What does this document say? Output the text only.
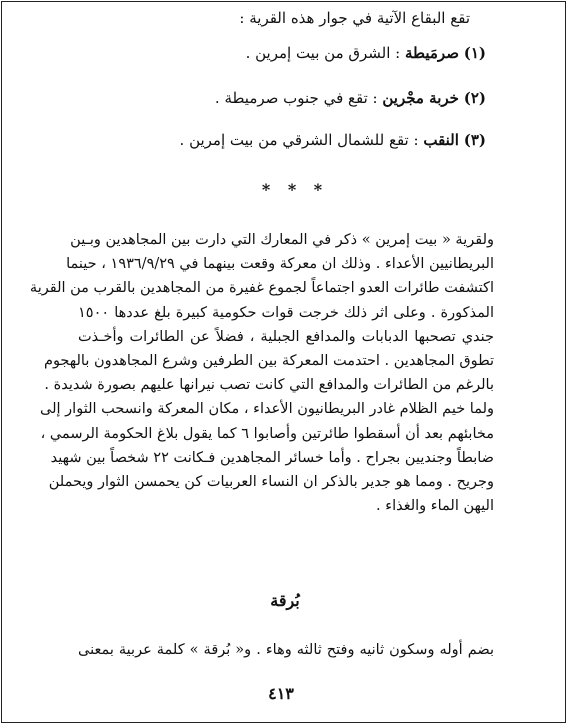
تقع البقاع الآتية في جوار هذه القرية :
(١) صرمَيطة : الشرق من بيت إمرين .
(٢) خربة مجْرين : تقع في جنوب صرميطة .
(٣) النقب : تقع للشمال الشرقي من بيت إمرين .
* * *
ولقرية « بيت إمرين » ذكر في المعارك التي دارت بين المجاهدين وبـين
البريطانيين الأعداء . وذلك ان معركة وقعت بينهما في ١٩٣٦/٩/٢٩ ، حينما
اكتشفت طائرات العدو اجتماعاً لجموع غفيرة من المجاهدين بالقرب من القرية
المذكورة . وعلى اثر ذلك خرجت قوات حكومية كبيرة بلغ عددها ١٥٠٠
جندي تصحبها الدبابات والمدافع الجبلية ، فضلاً عن الطائرات وأخـذت
تطوق المجاهدين . احتدمت المعركة بين الطرفين وشرع المجاهدون بالهجوم
بالرغم من الطائرات والمدافع التي كانت تصب نيرانها عليهم بصورة شديدة .
ولما خيم الظلام غادر البريطانيون الأعداء ، مكان المعركة وانسحب الثوار إلى
مخابئهم بعد أن أسقطوا طائرتين وأصابوا ٦ كما يقول بلاغ الحكومة الرسمي ،
ضابطاً وجنديين بجراح . وأما خسائر المجاهدين فـكانت ٢٢ شخصاً بين شهيد
وجريح . ومما هو جدير بالذكر ان النساء العربيات كن يحمسن الثوار ويحملن
اليهن الماء والغذاء .
بُرقة
بضم أوله وسكون ثانيه وفتح ثالثه وهاء . و« بُرقة » كلمة عربية بمعنى
٤١٣
